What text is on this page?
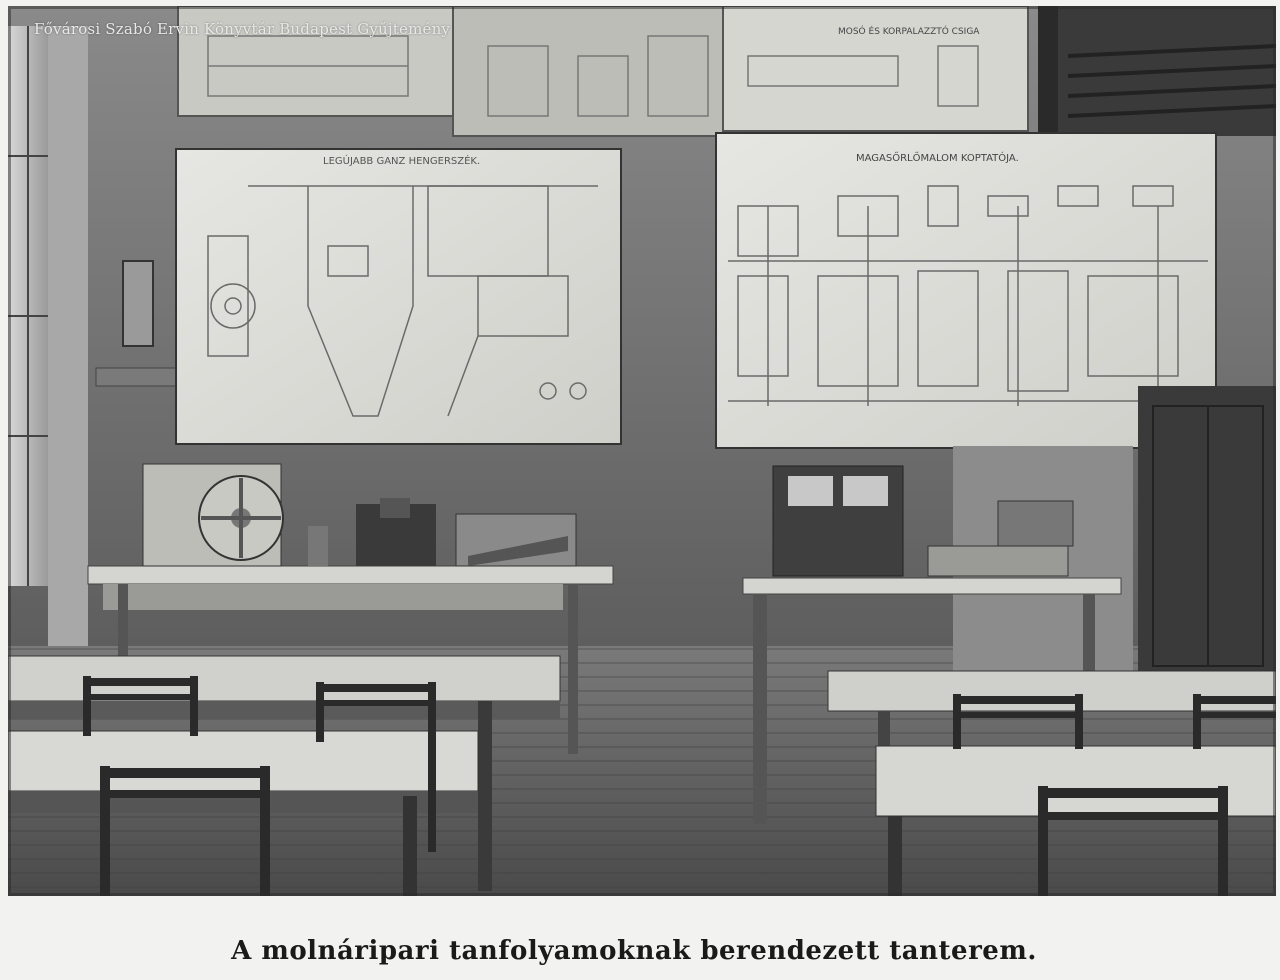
MOSÓ ÉS KORPALAZZTÓ CSIGA
LEGÚJABB GANZ HENGERSZÉK.	MAGASŐRLŐMALOM KOPTATÓJA.
Fővárosi Szabó Ervin Könyvtár Budapest Gyűjtemény
A molnáripari tanfolyamoknak berendezett tanterem.
